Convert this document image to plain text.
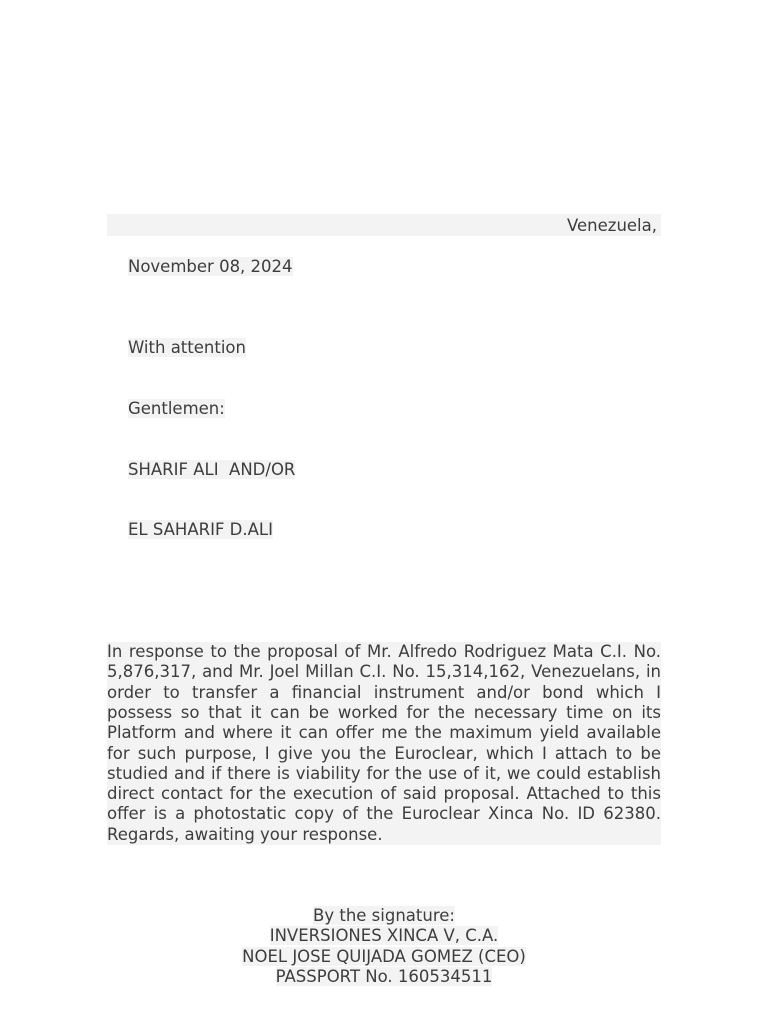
Venezuela,

November 08, 2024

With attention

Gentlemen:

SHARIF ALI  AND/OR

EL SAHARIF D.ALI

In response to the proposal of Mr. Alfredo Rodriguez Mata C.I. No. 5,876,317, and Mr. Joel Millan C.I. No. 15,314,162, Venezuelans, in order to transfer a financial instrument and/or bond which I possess so that it can be worked for the necessary time on its Platform and where it can offer me the maximum yield available for such purpose, I give you the Euroclear, which I attach to be studied and if there is viability for the use of it, we could establish direct contact for the execution of said proposal. Attached to this offer is a photostatic copy of the Euroclear Xinca No. ID 62380. Regards, awaiting your response.

By the signature:
INVERSIONES XINCA V, C.A.
NOEL JOSE QUIJADA GOMEZ (CEO)
PASSPORT No. 160534511
